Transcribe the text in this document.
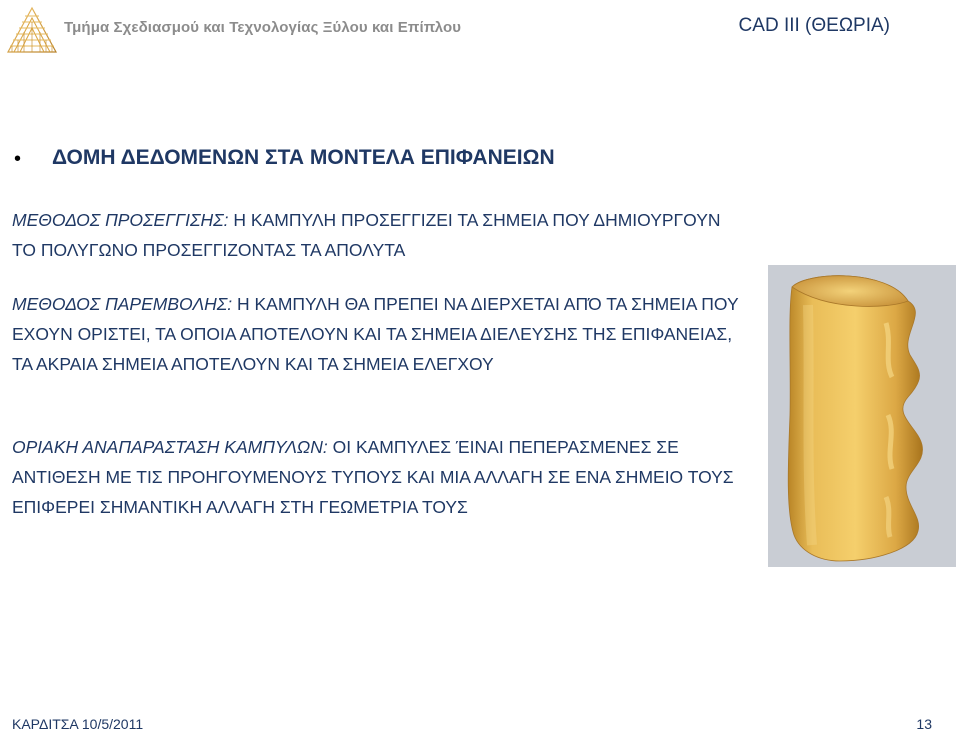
Τμήμα Σχεδιασμού και Τεχνολογίας Ξύλου και Επίπλου	CAD III (ΘΕΩΡΙΑ)
• ΔΟΜΗ ΔΕΔΟΜΕΝΩΝ ΣΤΑ ΜΟΝΤΕΛΑ ΕΠΙΦΑΝΕΙΩΝ
ΜΕΘΟΔΟΣ ΠΡΟΣΕΓΓΙΣΗΣ: Η ΚΑΜΠΥΛΗ ΠΡΟΣΕΓΓΙΖΕΙ ΤΑ ΣΗΜΕΙΑ ΠΟΥ ΔΗΜΙΟΥΡΓΟΥΝ ΤΟ ΠΟΛΥΓΩΝΟ ΠΡΟΣΕΓΓΙΖΟΝΤΑΣ ΤΑ ΑΠΟΛΥΤΑ
ΜΕΘΟΔΟΣ ΠΑΡΕΜΒΟΛΗΣ: Η ΚΑΜΠΥΛΗ ΘΑ ΠΡΕΠΕΙ ΝΑ ΔΙΕΡΧΕΤΑΙ ΑΠΌ ΤΑ ΣΗΜΕΙΑ ΠΟΥ ΕΧΟΥΝ ΟΡΙΣΤΕΙ, ΤΑ ΟΠΟΙΑ ΑΠΟΤΕΛΟΥΝ ΚΑΙ ΤΑ ΣΗΜΕΙΑ ΔΙΕΛΕΥΣΗΣ ΤΗΣ ΕΠΙΦΑΝΕΙΑΣ, ΤΑ ΑΚΡΑΙΑ ΣΗΜΕΙΑ ΑΠΟΤΕΛΟΥΝ ΚΑΙ ΤΑ ΣΗΜΕΙΑ ΕΛΕΓΧΟΥ
ΟΡΙΑΚΗ ΑΝΑΠΑΡΑΣΤΑΣΗ ΚΑΜΠΥΛΩΝ: ΟΙ ΚΑΜΠΥΛΕΣ ΈΙΝΑΙ ΠΕΠΕΡΑΣΜΕΝΕΣ ΣΕ ΑΝΤΙΘΕΣΗ ΜΕ ΤΙΣ ΠΡΟΗΓΟΥΜΕΝΟΥΣ ΤΥΠΟΥΣ ΚΑΙ ΜΙΑ ΑΛΛΑΓΗ ΣΕ ΕΝΑ ΣΗΜΕΙΟ ΤΟΥΣ ΕΠΙΦΕΡΕΙ ΣΗΜΑΝΤΙΚΗ ΑΛΛΑΓΗ ΣΤΗ ΓΕΩΜΕΤΡΙΑ ΤΟΥΣ
ΚΑΡΔΙΤΣΑ 10/5/2011	13
